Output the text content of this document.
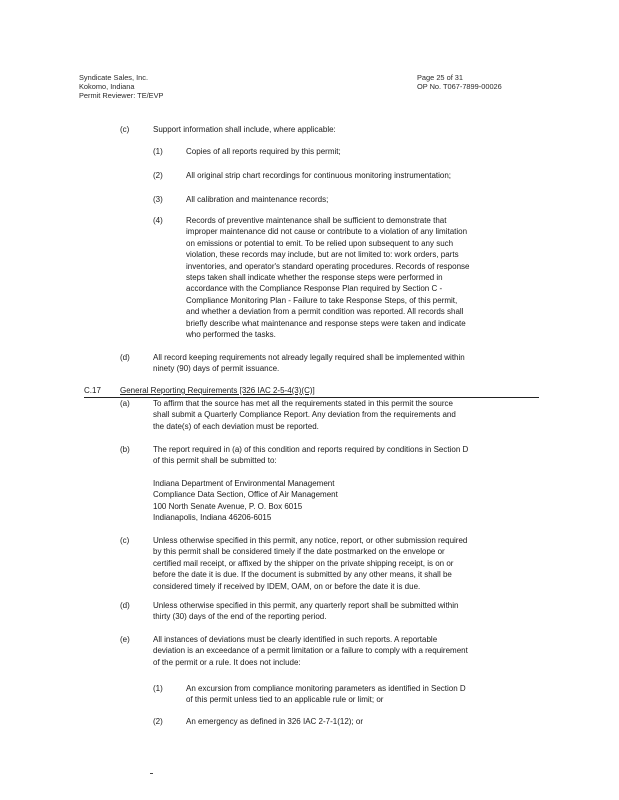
Syndicate Sales, Inc.
Kokomo, Indiana
Permit Reviewer: TE/EVP
Page 25 of 31
OP No. T067-7899-00026
(c)	Support information shall include, where applicable:
(1)	Copies of all reports required by this permit;
(2)	All original strip chart recordings for continuous monitoring instrumentation;
(3)	All calibration and maintenance records;
(4)	Records of preventive maintenance shall be sufficient to demonstrate that
improper maintenance did not cause or contribute to a violation of any limitation
on emissions or potential to emit. To be relied upon subsequent to any such
violation, these records may include, but are not limited to: work orders, parts
inventories, and operator's standard operating procedures. Records of response
steps taken shall indicate whether the response steps were performed in
accordance with the Compliance Response Plan required by Section C -
Compliance Monitoring Plan - Failure to take Response Steps, of this permit,
and whether a deviation from a permit condition was reported. All records shall
briefly describe what maintenance and response steps were taken and indicate
who performed the tasks.
(d)	All record keeping requirements not already legally required shall be implemented within
ninety (90) days of permit issuance.
C.17 General Reporting Requirements [326 IAC 2-5-4(3)(C)]
(a)	To affirm that the source has met all the requirements stated in this permit the source
shall submit a Quarterly Compliance Report. Any deviation from the requirements and
the date(s) of each deviation must be reported.
(b)	The report required in (a) of this condition and reports required by conditions in Section D
of this permit shall be submitted to:
Indiana Department of Environmental Management
Compliance Data Section, Office of Air Management
100 North Senate Avenue, P. O. Box 6015
Indianapolis, Indiana 46206-6015
(c)	Unless otherwise specified in this permit, any notice, report, or other submission required
by this permit shall be considered timely if the date postmarked on the envelope or
certified mail receipt, or affixed by the shipper on the private shipping receipt, is on or
before the date it is due. If the document is submitted by any other means, it shall be
considered timely if received by IDEM, OAM, on or before the date it is due.
(d)	Unless otherwise specified in this permit, any quarterly report shall be submitted within
thirty (30) days of the end of the reporting period.
(e)	All instances of deviations must be clearly identified in such reports. A reportable
deviation is an exceedance of a permit limitation or a failure to comply with a requirement
of the permit or a rule. It does not include:
(1)	An excursion from compliance monitoring parameters as identified in Section D
of this permit unless tied to an applicable rule or limit; or
(2)	An emergency as defined in 326 IAC 2-7-1(12); or
